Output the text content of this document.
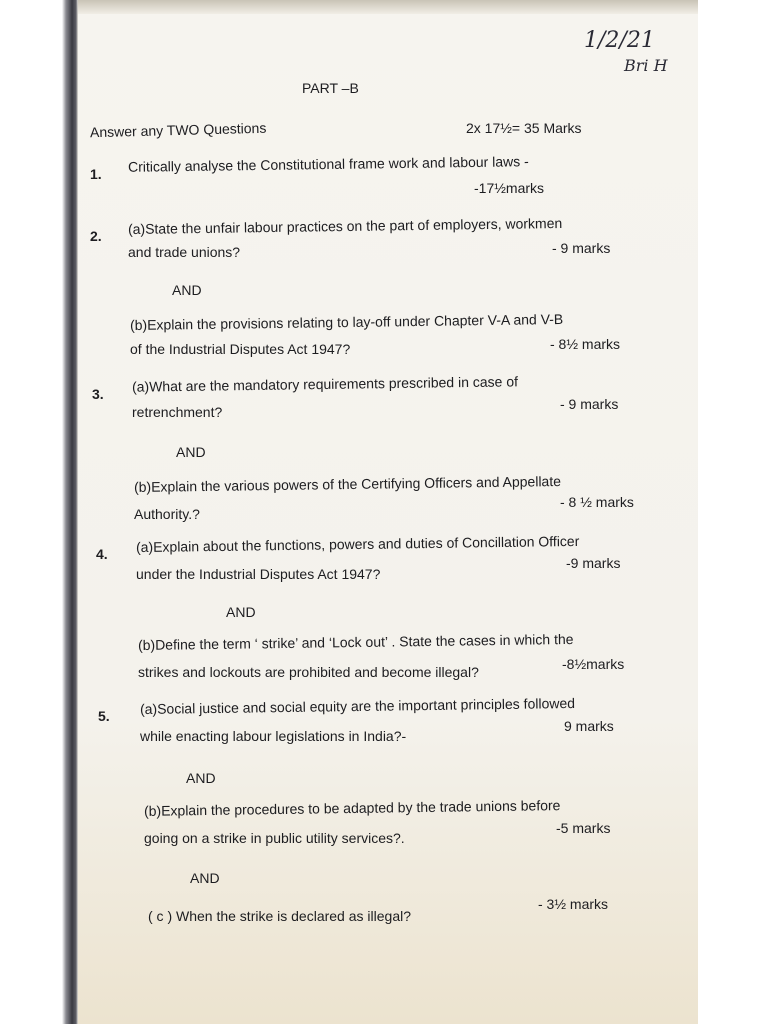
1/2/21
Bri H
PART –B
Answer any TWO Questions	2x 17½= 35 Marks
1. Critically analyse the Constitutional frame work and labour laws -
-17½marks
2. (a)State the unfair labour practices on the part of employers, workmen
and trade unions?	- 9 marks
AND
(b)Explain the provisions relating to lay-off under Chapter V-A and V-B
of the Industrial Disputes Act 1947?	- 8½ marks
3. (a)What are the mandatory requirements prescribed in case of
retrenchment?	- 9 marks
AND
(b)Explain the various powers of the Certifying Officers and Appellate
Authority.?
- 8 ½ marks
4. (a)Explain about the functions, powers and duties of Concillation Officer
under the Industrial Disputes Act 1947?
-9 marks
AND
(b)Define the term ‘ strike’ and ‘Lock out’ . State the cases in which the
strikes and lockouts are prohibited and become illegal?	-8½marks
5. (a)Social justice and social equity are the important principles followed
while enacting labour legislations in India?-
9 marks
AND
(b)Explain the procedures to be adapted by the trade unions before
going on a strike in public utility services?.
-5 marks
AND
( c ) When the strike is declared as illegal?
- 3½ marks
